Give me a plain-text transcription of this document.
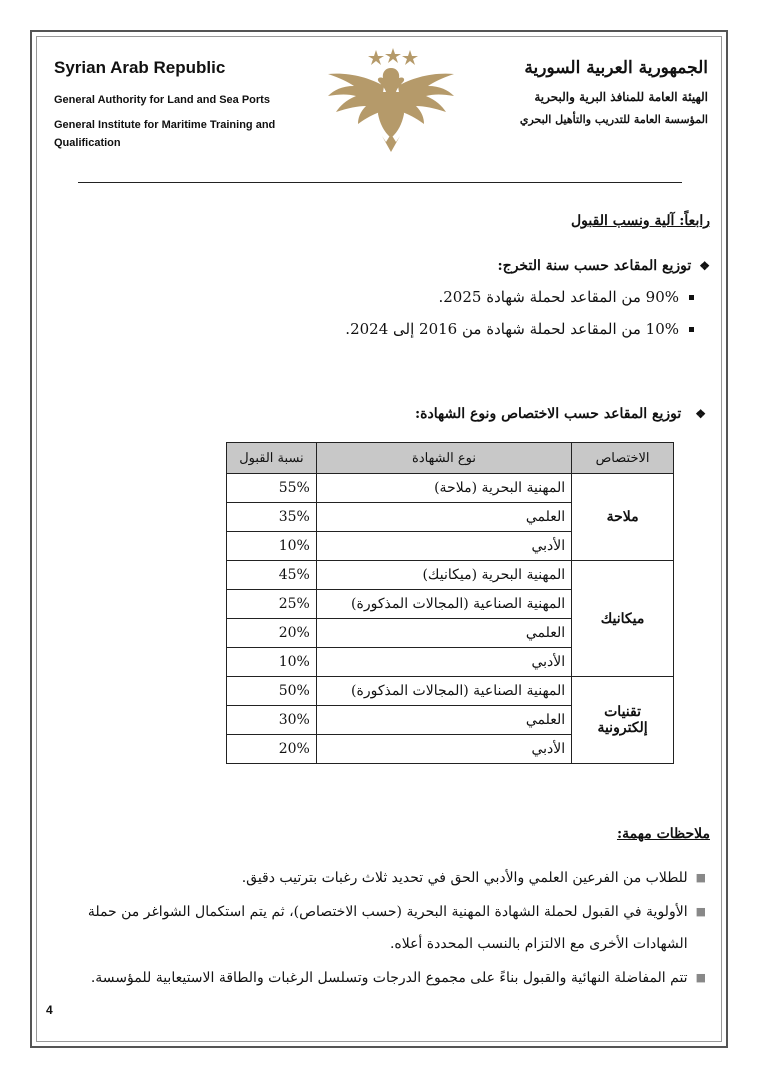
Syrian Arab Republic
General Authority for Land and Sea Ports
General Institute for Maritime Training and Qualification
الجمهورية العربية السورية
الهيئة العامة للمنافذ البرية والبحرية
المؤسسة العامة للتدريب والتأهيل البحري
رابعاً: آلية ونسب القبول
❖
توزيع المقاعد حسب سنة التخرج:
90% من المقاعد لحملة شهادة 2025.
10% من المقاعد لحملة شهادة من 2016 إلى 2024.
❖
توزيع المقاعد حسب الاختصاص ونوع الشهادة:
الاختصاص	نوع الشهادة	نسبة القبول
ملاحة	المهنية البحرية (ملاحة)	55%
	العلمي	35%
	الأدبي	10%
ميكانيك	المهنية البحرية (ميكانيك)	45%
	المهنية الصناعية (المجالات المذكورة)	25%
	العلمي	20%
	الأدبي	10%
تقنيات إلكترونية	المهنية الصناعية (المجالات المذكورة)	50%
	العلمي	30%
	الأدبي	20%
ملاحظات مهمة:
■
للطلاب من الفرعين العلمي والأدبي الحق في تحديد ثلاث رغبات بترتيب دقيق.
■
الأولوية في القبول لحملة الشهادة المهنية البحرية (حسب الاختصاص)، ثم يتم استكمال الشواغر من حملة الشهادات الأخرى مع الالتزام بالنسب المحددة أعلاه.
■
تتم المفاضلة النهائية والقبول بناءً على مجموع الدرجات وتسلسل الرغبات والطاقة الاستيعابية للمؤسسة.
4
